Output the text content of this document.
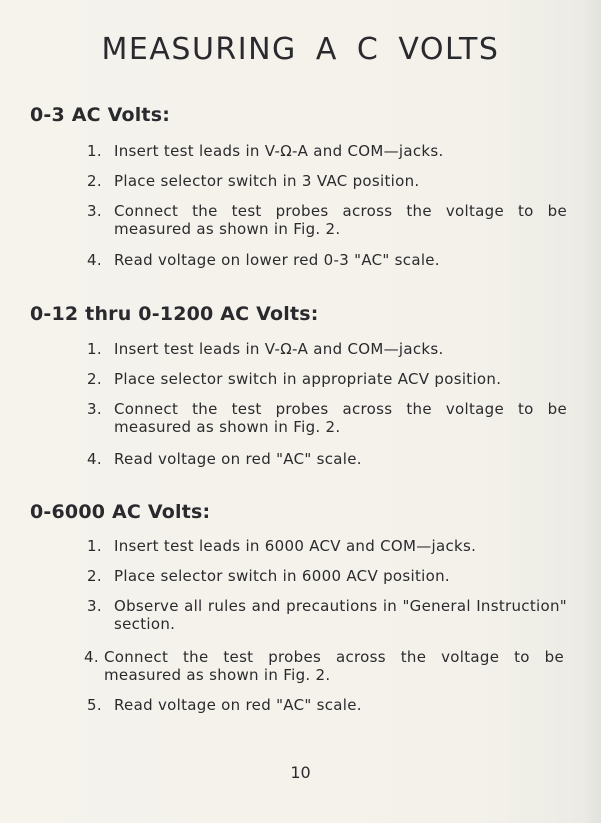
MEASURING A C VOLTS
0-3 AC Volts:
1. Insert test leads in V-Ω-A and COM—jacks.
2. Place selector switch in 3 VAC position.
3. Connect the test probes across the voltage to be measured as shown in Fig. 2.
4. Read voltage on lower red 0-3 "AC" scale.
0-12 thru 0-1200 AC Volts:
1. Insert test leads in V-Ω-A and COM—jacks.
2. Place selector switch in appropriate ACV position.
3. Connect the test probes across the voltage to be measured as shown in Fig. 2.
4. Read voltage on red "AC" scale.
0-6000 AC Volts:
1. Insert test leads in 6000 ACV and COM—jacks.
2. Place selector switch in 6000 ACV position.
3. Observe all rules and precautions in "General Instruction" section.
4. Connect the test probes across the voltage to be measured as shown in Fig. 2.
5. Read voltage on red "AC" scale.
10
